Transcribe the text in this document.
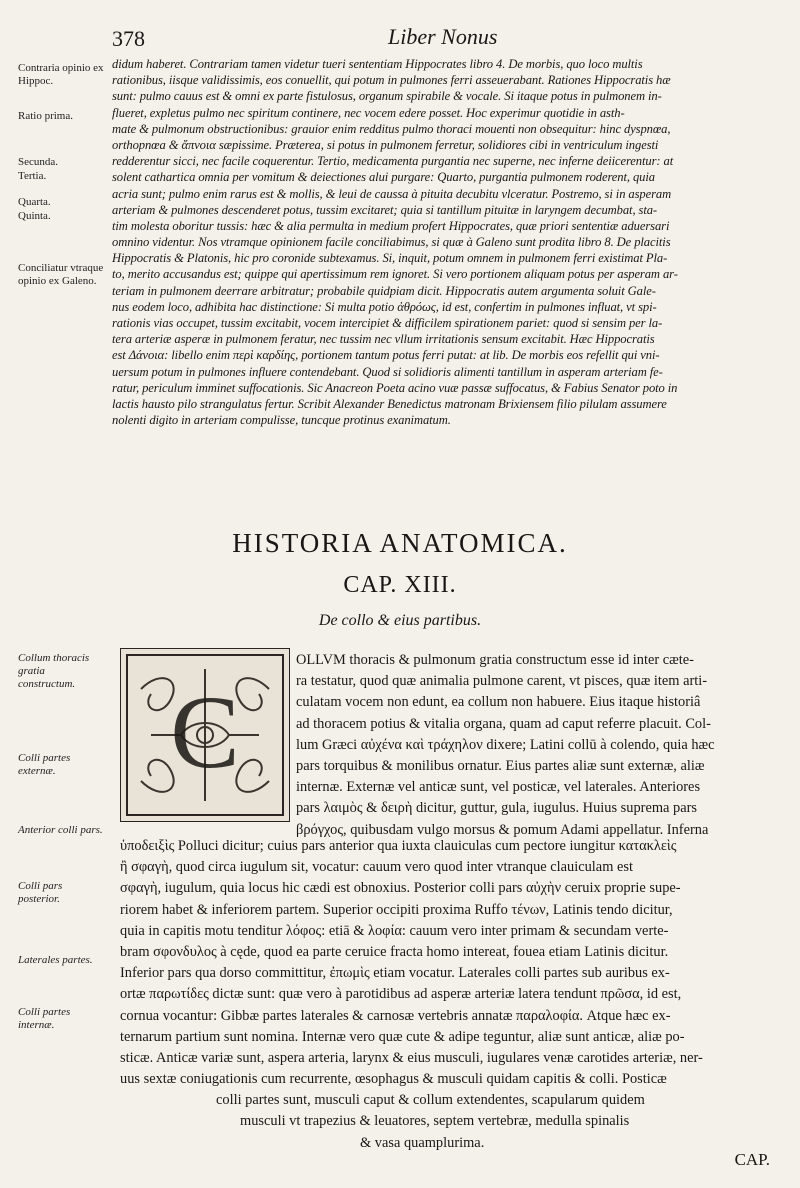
378	Liber Nonus
Contraria opinio ex Hippoc.
Ratio prima.
Secunda.
Tertia.
Quarta.
Quinta.
Conciliatur vtraque opinio ex Galeno.
didum haberet. Contrariam tamen videtur tueri sententiam Hippocrates libro 4. De morbis, quo loco multis
rationibus, iisque validissimis, eos conuellit, qui potum in pulmones ferri asseuerabant. Rationes Hippocratis hæ
sunt: pulmo cauus est & omni ex parte fistulosus, organum spirabile & vocale. Si itaque potus in pulmonem in-
flueret, expletus pulmo nec spiritum continere, nec vocem edere posset. Hoc experimur quotidie in asth-
mate & pulmonum obstructionibus: grauior enim redditus pulmo thoraci mouenti non obsequitur: hinc dyspnœa,
orthopnœa & ἄπνοια sæpissime. Præterea, si potus in pulmonem ferretur, solidiores cibi in ventriculum ingesti
redderentur sicci, nec facile coquerentur. Tertio, medicamenta purgantia nec superne, nec inferne deiicerentur: at
solent cathartica omnia per vomitum & deiectiones alui purgare: Quarto, purgantia pulmonem roderent, quia
acria sunt; pulmo enim rarus est & mollis, & leui de caussa à pituita decubitu vlceratur. Postremo, si in asperam
arteriam & pulmones descenderet potus, tussim excitaret; quia si tantillum pituitæ in laryngem decumbat, sta-
tim molesta oboritur tussis: hæc & alia permulta in medium profert Hippocrates, quæ priori sententiæ aduersari
omnino videntur. Nos vtramque opinionem facile conciliabimus, si quæ à Galeno sunt prodita libro 8. De placitis
Hippocratis & Platonis, hic pro coronide subtexamus. Si, inquit, potum omnem in pulmonem ferri existimat Pla-
to, merito accusandus est; quippe qui apertissimum rem ignoret. Si vero portionem aliquam potus per asperam ar-
teriam in pulmonem deerrare arbitratur; probabile quidpiam dicit. Hippocratis autem argumenta soluit Gale-
nus eodem loco, adhibita hac distinctione: Si multa potio ἀθρόως, id est, confertim in pulmones influat, vt spi-
rationis vias occupet, tussim excitabit, vocem intercipiet & difficilem spirationem pariet: quod si sensim per la-
tera arteriæ asperæ in pulmonem feratur, nec tussim nec vllum irritationis sensum excitabit. Hæc Hippocratis
est Δάνοια: libello enim περὶ καρδίης, portionem tantum potus ferri putat: at lib. De morbis eos refellit qui vni-
uersum potum in pulmones influere contendebant. Quod si solidioris alimenti tantillum in asperam arteriam fe-
ratur, periculum imminet suffocationis. Sic Anacreon Poeta acino vuæ passæ suffocatus, & Fabius Senator poto in
lactis hausto pilo strangulatus fertur. Scribit Alexander Benedictus matronam Brixiensem filio pilulam assumere
nolenti digito in arteriam compulisse, tuncque protinus exanimatum.
HISTORIA ANATOMICA.
CAP. XIII.
De collo & eius partibus.
Collum thoracis gratia constructum.
Colli partes externæ.
Anterior colli pars.
Colli pars posterior.
Laterales partes.
Colli partes internæ.
C
OLLVM thoracis & pulmonum gratia constructum esse id inter cæte-
ra testatur, quod quæ animalia pulmone carent, vt pisces, quæ item arti-
culatam vocem non edunt, ea collum non habuere. Eius itaque historiâ
ad thoracem potius & vitalia organa, quam ad caput referre placuit. Col-
lum Græci αὐχένα καὶ τράχηλον dixere; Latini collū à colendo, quia hæc
pars torquibus & monilibus ornatur. Eius partes aliæ sunt externæ, aliæ
internæ. Externæ vel anticæ sunt, vel posticæ, vel laterales. Anteriores
pars λαιμὸς & δειρὴ dicitur, guttur, gula, iugulus. Huius suprema pars
βρόγχος, quibusdam vulgo morsus & pomum Adami appellatur. Inferna
ὑποδειξὶς Polluci dicitur; cuius pars anterior qua iuxta clauiculas cum pectore iungitur κατακλεὶς
ἢ σφαγὴ, quod circa iugulum sit, vocatur: cauum vero quod inter vtranque clauiculam est
σφαγὴ, iugulum, quia locus hic cædi est obnoxius. Posterior colli pars αὐχὴν ceruix proprie supe-
riorem habet & inferiorem partem. Superior occipiti proxima Ruffo τένων, Latinis tendo dicitur,
quia in capitis motu tenditur λόφος: etiā & λοφία: cauum vero inter primam & secundam verte-
bram σφονδυλος à cęde, quod ea parte ceruice fracta homo intereat, fouea etiam Latinis dicitur.
Inferior pars qua dorso committitur, ἐπωμὶς etiam vocatur. Laterales colli partes sub auribus ex-
ortæ παρωτίδες dictæ sunt: quæ vero à parotidibus ad asperæ arteriæ latera tendunt πρῶσα, id est,
cornua vocantur: Gibbæ partes laterales & carnosæ vertebris annatæ παραλοφία. Atque hæc ex-
ternarum partium sunt nomina. Internæ vero quæ cute & adipe teguntur, aliæ sunt anticæ, aliæ po-
sticæ. Anticæ variæ sunt, aspera arteria, larynx & eius musculi, iugulares venæ carotides arteriæ, ner-
uus sextæ coniugationis cum recurrente, œsophagus & musculi quidam capitis & colli. Posticæ
colli partes sunt, musculi caput & collum extendentes, scapularum quidem
musculi vt trapezius & leuatores, septem vertebræ, medulla spinalis
& vasa quamplurima.
CAP.
